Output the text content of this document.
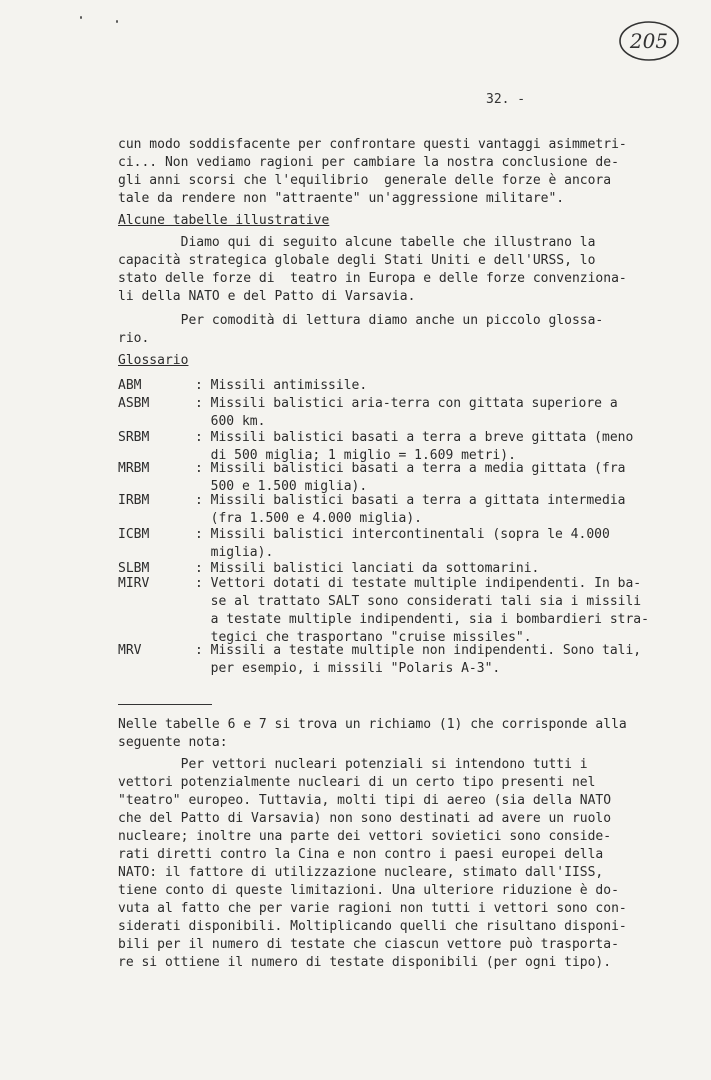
205
32. -

cun modo soddisfacente per confrontare questi vantaggi asimmetri-
ci... Non vediamo ragioni per cambiare la nostra conclusione de-
gli anni scorsi che l'equilibrio  generale delle forze è ancora
tale da rendere non "attraente" un'aggressione militare".

Alcune tabelle illustrative

Diamo qui di seguito alcune tabelle che illustrano la
capacità strategica globale degli Stati Uniti e dell'URSS, lo
stato delle forze di  teatro in Europa e delle forze convenziona-
li della NATO e del Patto di Varsavia.

Per comodità di lettura diamo anche un piccolo glossa-
rio.

Glossario

ABM	: Missili antimissile.
ASBM	: Missili balistici aria-terra con gittata superiore a
600 km.
SRBM	: Missili balistici basati a terra a breve gittata (meno
di 500 miglia; 1 miglio = 1.609 metri).
MRBM	: Missili balistici basati a terra a media gittata (fra
500 e 1.500 miglia).
IRBM	: Missili balistici basati a terra a gittata intermedia
(fra 1.500 e 4.000 miglia).
ICBM	: Missili balistici intercontinentali (sopra le 4.000
miglia).
SLBM	: Missili balistici lanciati da sottomarini.
MIRV	: Vettori dotati di testate multiple indipendenti. In ba-
se al trattato SALT sono considerati tali sia i missili
a testate multiple indipendenti, sia i bombardieri stra-
tegici che trasportano "cruise missiles".
MRV	: Missili a testate multiple non indipendenti. Sono tali,
per esempio, i missili "Polaris A-3".

Nelle tabelle 6 e 7 si trova un richiamo (1) che corrisponde alla
seguente nota:

Per vettori nucleari potenziali si intendono tutti i
vettori potenzialmente nucleari di un certo tipo presenti nel
"teatro" europeo. Tuttavia, molti tipi di aereo (sia della NATO
che del Patto di Varsavia) non sono destinati ad avere un ruolo
nucleare; inoltre una parte dei vettori sovietici sono conside-
rati diretti contro la Cina e non contro i paesi europei della
NATO: il fattore di utilizzazione nucleare, stimato dall'IISS,
tiene conto di queste limitazioni. Una ulteriore riduzione è do-
vuta al fatto che per varie ragioni non tutti i vettori sono con-
siderati disponibili. Moltiplicando quelli che risultano disponi-
bili per il numero di testate che ciascun vettore può trasporta-
re si ottiene il numero di testate disponibili (per ogni tipo).
